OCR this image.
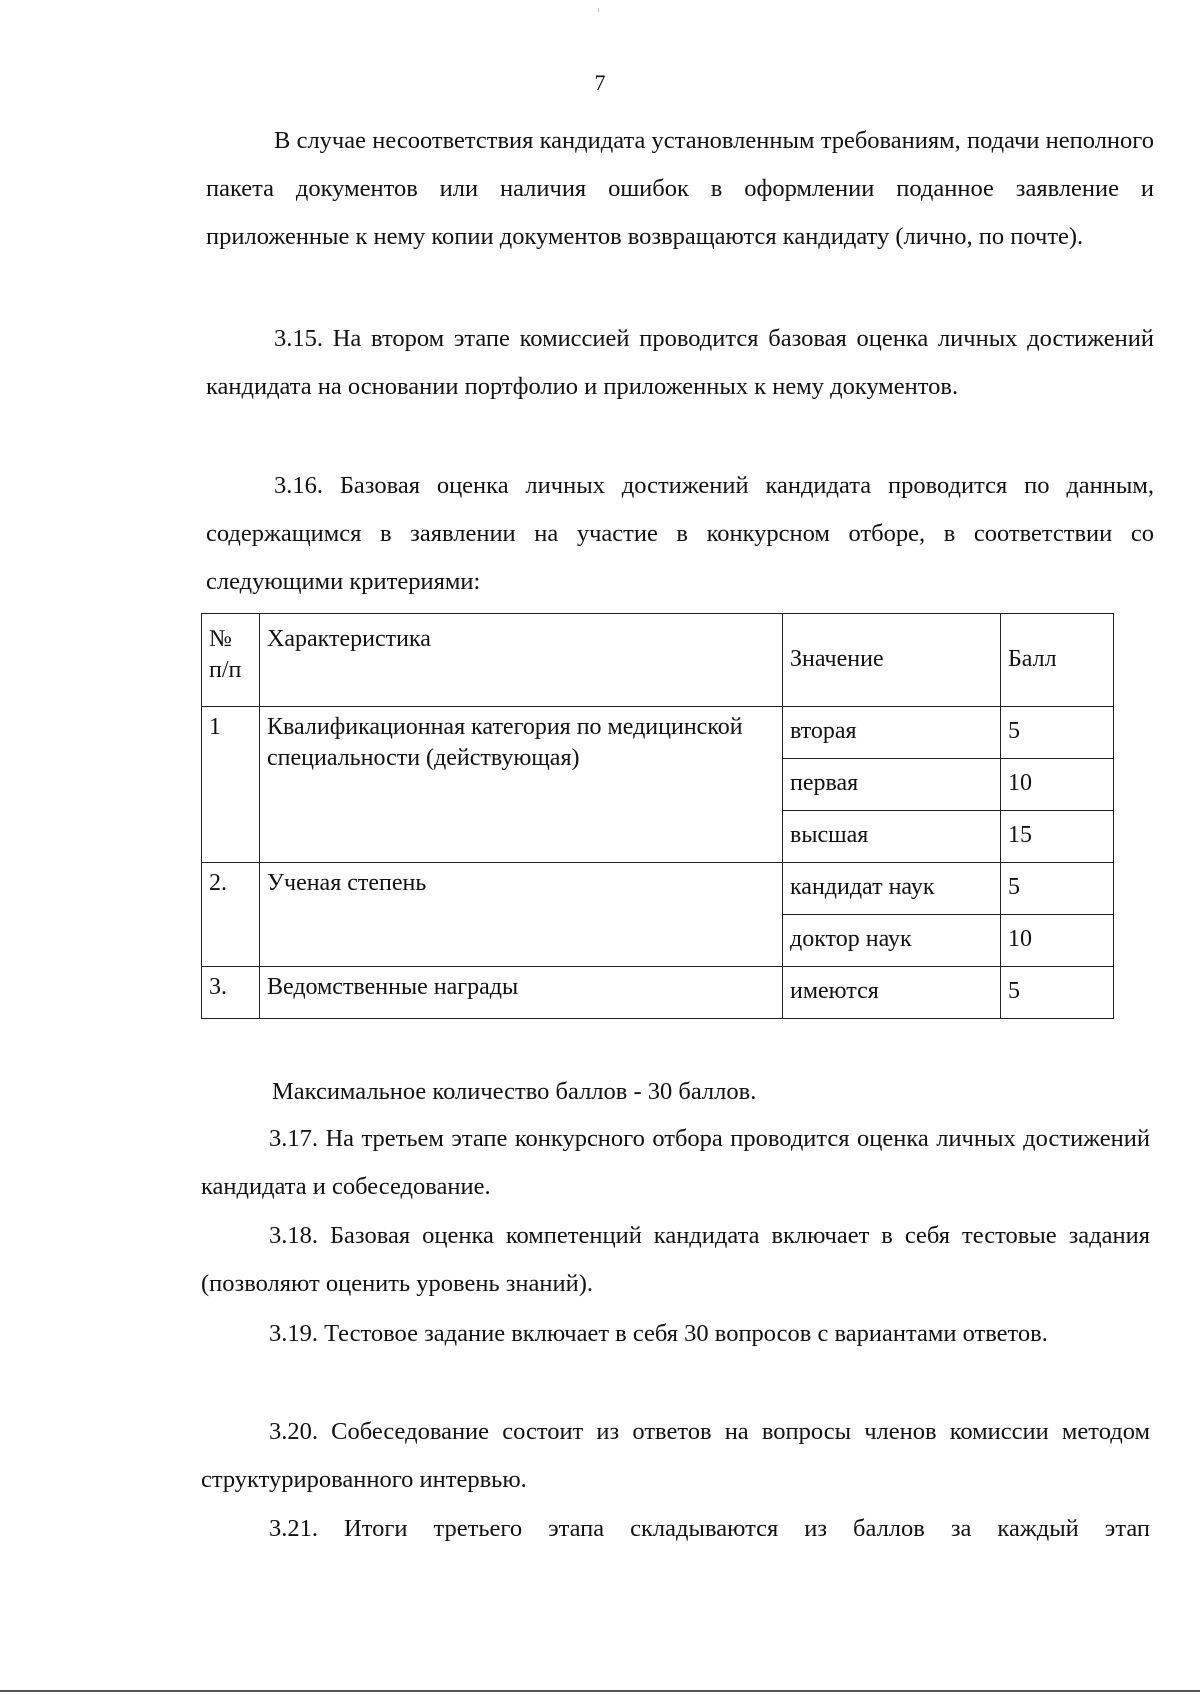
7

В случае несоответствия кандидата установленным требованиям, подачи неполного пакета документов или наличия ошибок в оформлении поданное заявление и приложенные к нему копии документов возвращаются кандидату (лично, по почте).

3.15. На втором этапе комиссией проводится базовая оценка личных достижений кандидата на основании портфолио и приложенных к нему документов.

3.16. Базовая оценка личных достижений кандидата проводится по данным, содержащимся в заявлении на участие в конкурсном отборе, в соответствии со следующими критериями:

№ п/п	Характеристика	Значение	Балл
1	Квалификационная категория по медицинской специальности (действующая)	вторая	5
		первая	10
		высшая	15
2.	Ученая степень	кандидат наук	5
		доктор наук	10
3.	Ведомственные награды	имеются	5

Максимальное количество баллов - 30 баллов.

3.17. На третьем этапе конкурсного отбора проводится оценка личных достижений кандидата и собеседование.

3.18. Базовая оценка компетенций кандидата включает в себя тестовые задания (позволяют оценить уровень знаний).

3.19. Тестовое задание включает в себя 30 вопросов с вариантами ответов.

3.20. Собеседование состоит из ответов на вопросы членов комиссии методом структурированного интервью.

3.21. Итоги третьего этапа складываются из баллов за каждый этап
